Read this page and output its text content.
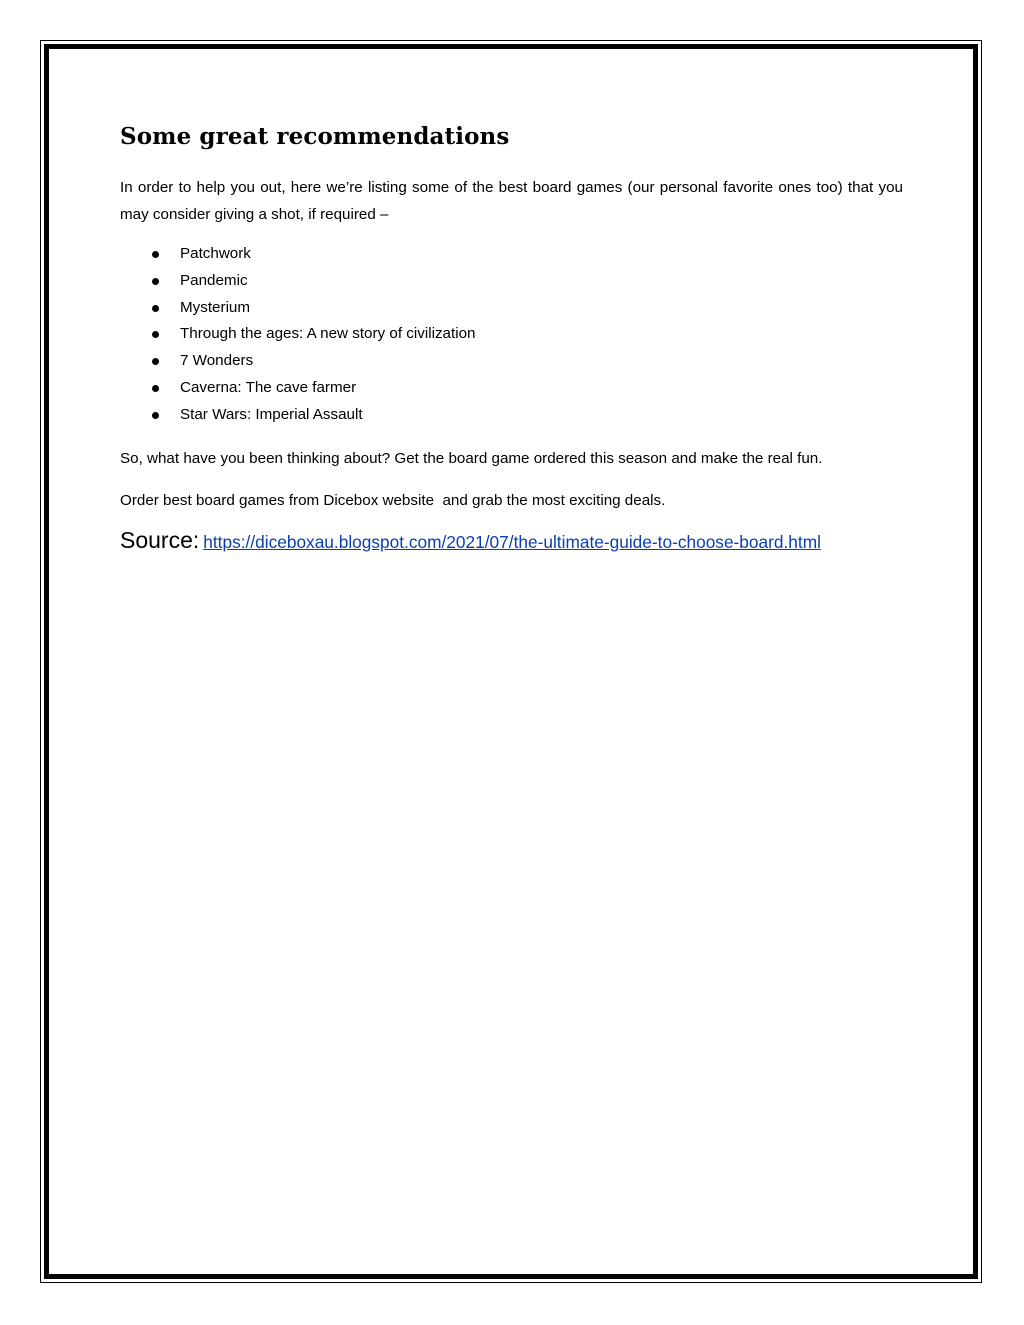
Some great recommendations

In order to help you out, here we’re listing some of the best board games (our personal favorite ones too) that you may consider giving a shot, if required –

Patchwork
Pandemic
Mysterium
Through the ages: A new story of civilization
7 Wonders
Caverna: The cave farmer
Star Wars: Imperial Assault

So, what have you been thinking about? Get the board game ordered this season and make the real fun.

Order best board games from Dicebox website  and grab the most exciting deals.

Source: https://diceboxau.blogspot.com/2021/07/the-ultimate-guide-to-choose-board.html
